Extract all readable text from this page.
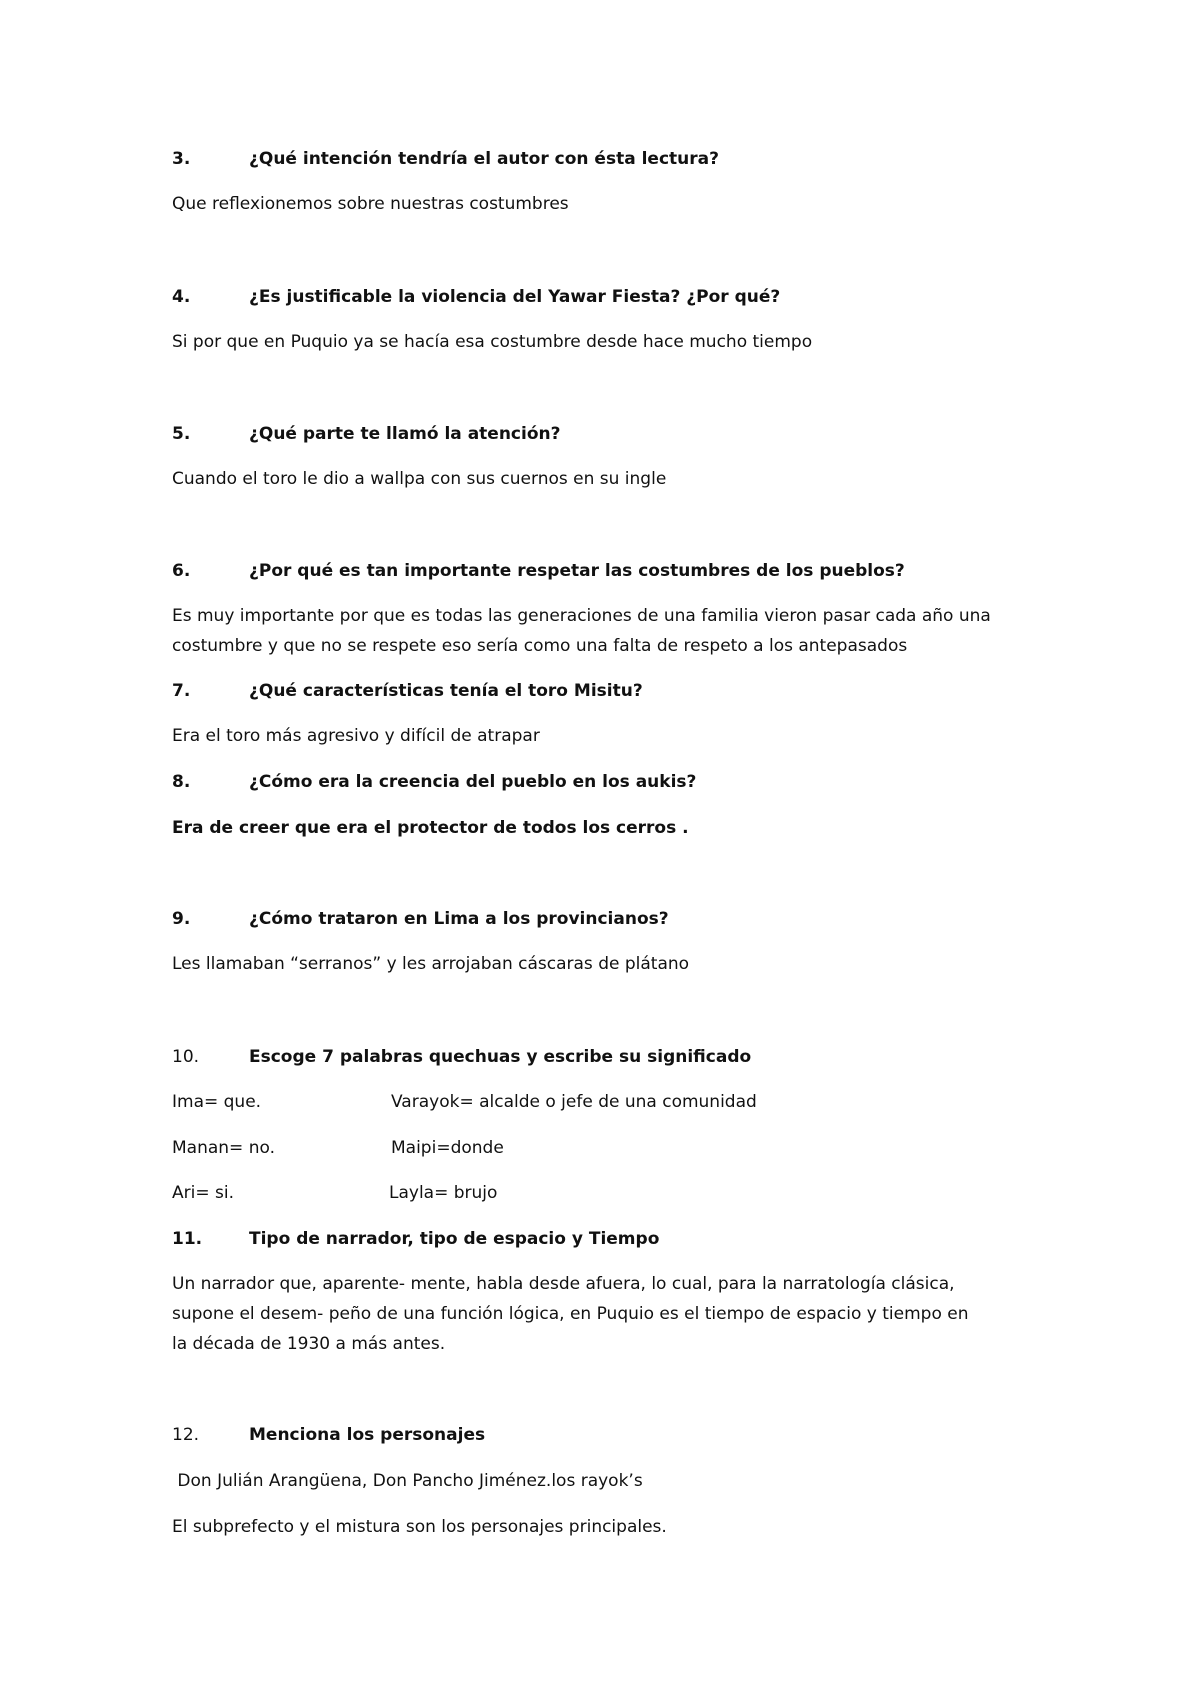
3.	¿Qué intención tendría el autor con ésta lectura?
Que reflexionemos sobre nuestras costumbres
4.	¿Es justificable la violencia del Yawar Fiesta? ¿Por qué?
Si por que en Puquio ya se hacía esa costumbre desde hace mucho tiempo
5.	¿Qué parte te llamó la atención?
Cuando el toro le dio a wallpa con sus cuernos en su ingle
6.	¿Por qué es tan importante respetar las costumbres de los pueblos?
Es muy importante por que es todas las generaciones de una familia vieron pasar cada año una
costumbre y que no se respete eso sería como una falta de respeto a los antepasados
7.	¿Qué características tenía el toro Misitu?
Era el toro más agresivo y difícil de atrapar
8.	¿Cómo era la creencia del pueblo en los aukis?
Era de creer que era el protector de todos los cerros .
9.	¿Cómo trataron en Lima a los provincianos?
Les llamaban “serranos” y les arrojaban cáscaras de plátano
10.	Escoge 7 palabras quechuas y escribe su significado
Ima= que.	Varayok= alcalde o jefe de una comunidad
Manan= no.	Maipi=donde
Ari= si.	Layla= brujo
11.	Tipo de narrador, tipo de espacio y Tiempo
Un narrador que, aparente- mente, habla desde afuera, lo cual, para la narratología clásica,
supone el desem- peño de una función lógica, en Puquio es el tiempo de espacio y tiempo en
la década de 1930 a más antes.
12.	Menciona los personajes
Don Julián Arangüena, Don Pancho Jiménez.los rayok’s
El subprefecto y el mistura son los personajes principales.
